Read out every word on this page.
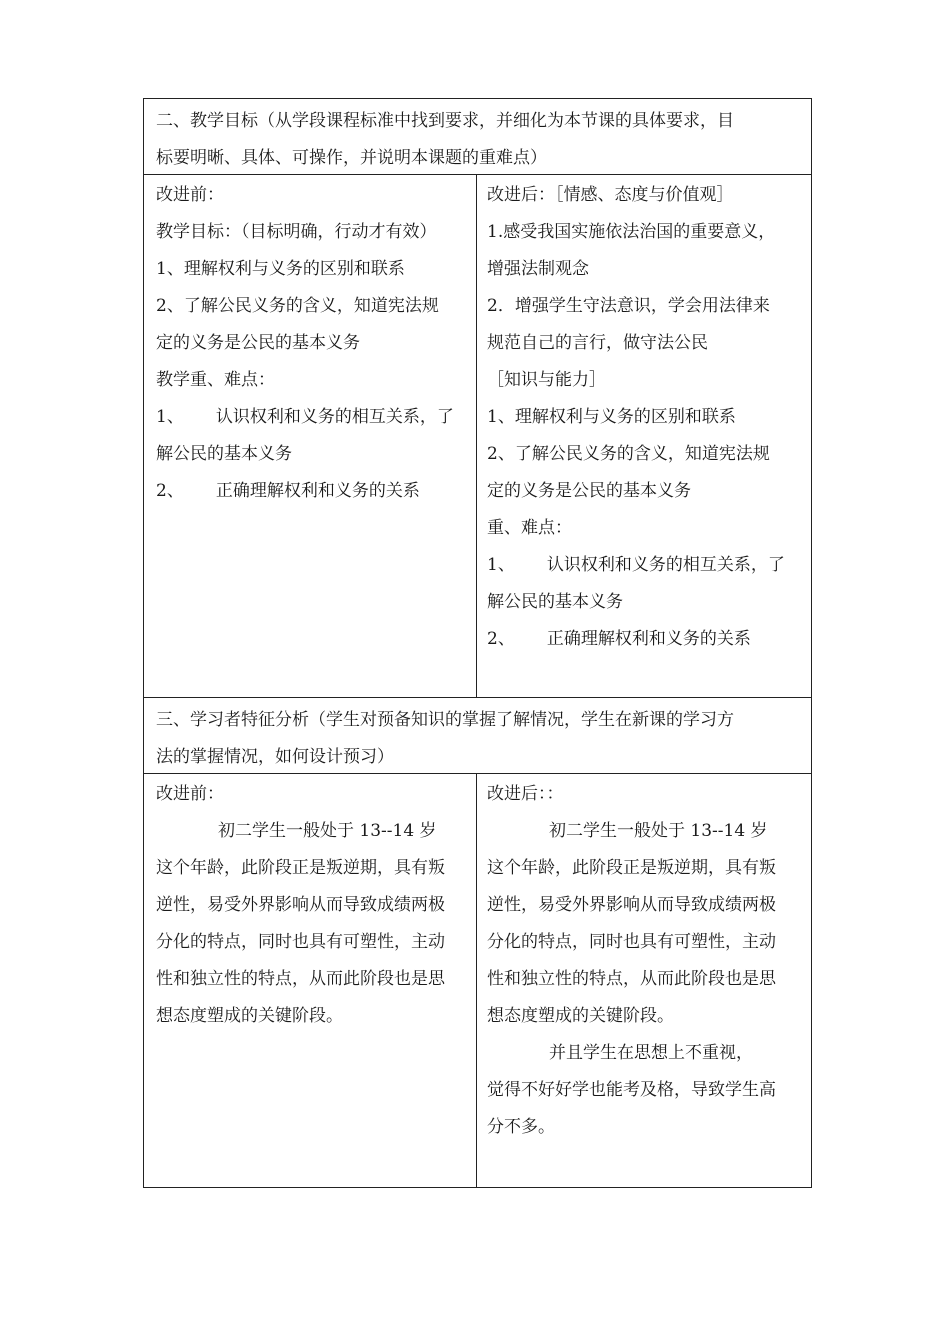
二、教学目标（从学段课程标准中找到要求，并细化为本节课的具体要求，目
标要明晰、具体、可操作，并说明本课题的重难点）
改进前：
教学目标：（目标明确，行动才有效）
1、理解权利与义务的区别和联系
2、了解公民义务的含义，知道宪法规
定的义务是公民的基本义务
教学重、难点：
1、 认识权利和义务的相互关系，了
解公民的基本义务
2、 正确理解权利和义务的关系
改进后：［情感、态度与价值观］
1.感受我国实施依法治国的重要意义，
增强法制观念
2．增强学生守法意识，学会用法律来
规范自己的言行，做守法公民
［知识与能力］
1、理解权利与义务的区别和联系
2、了解公民义务的含义，知道宪法规
定的义务是公民的基本义务
重、难点：
1、 认识权利和义务的相互关系，了
解公民的基本义务
2、 正确理解权利和义务的关系
三、学习者特征分析（学生对预备知识的掌握了解情况，学生在新课的学习方
法的掌握情况，如何设计预习）
改进前：
初二学生一般处于 13--14 岁
这个年龄，此阶段正是叛逆期，具有叛
逆性，易受外界影响从而导致成绩两极
分化的特点，同时也具有可塑性，主动
性和独立性的特点，从而此阶段也是思
想态度塑成的关键阶段。
改进后：：
初二学生一般处于 13--14 岁
这个年龄，此阶段正是叛逆期，具有叛
逆性，易受外界影响从而导致成绩两极
分化的特点，同时也具有可塑性，主动
性和独立性的特点，从而此阶段也是思
想态度塑成的关键阶段。
并且学生在思想上不重视，
觉得不好好学也能考及格，导致学生高
分不多。
